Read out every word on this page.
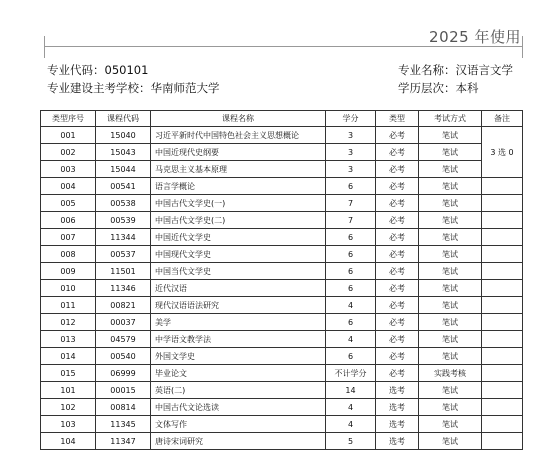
2025 年使用
专业代码：050101	专业名称：汉语言文学
专业建设主考学校：华南师范大学	学历层次：本科
类型序号	课程代码	课程名称	学分	类型	考试方式	备注
001	15040	习近平新时代中国特色社会主义思想概论	3	必考	笔试	3 选 0
002	15043	中国近现代史纲要	3	必考	笔试	
003	15044	马克思主义基本原理	3	必考	笔试	
004	00541	语言学概论	6	必考	笔试	
005	00538	中国古代文学史(一)	7	必考	笔试	
006	00539	中国古代文学史(二)	7	必考	笔试	
007	11344	中国近代文学史	6	必考	笔试	
008	00537	中国现代文学史	6	必考	笔试	
009	11501	中国当代文学史	6	必考	笔试	
010	11346	近代汉语	6	必考	笔试	
011	00821	现代汉语语法研究	4	必考	笔试	
012	00037	美学	6	必考	笔试	
013	04579	中学语文教学法	4	必考	笔试	
014	00540	外国文学史	6	必考	笔试	
015	06999	毕业论文	不计学分	必考	实践考核	
101	00015	英语(二)	14	选考	笔试	
102	00814	中国古代文论选读	4	选考	笔试	
103	11345	文体写作	4	选考	笔试	
104	11347	唐诗宋词研究	5	选考	笔试	
